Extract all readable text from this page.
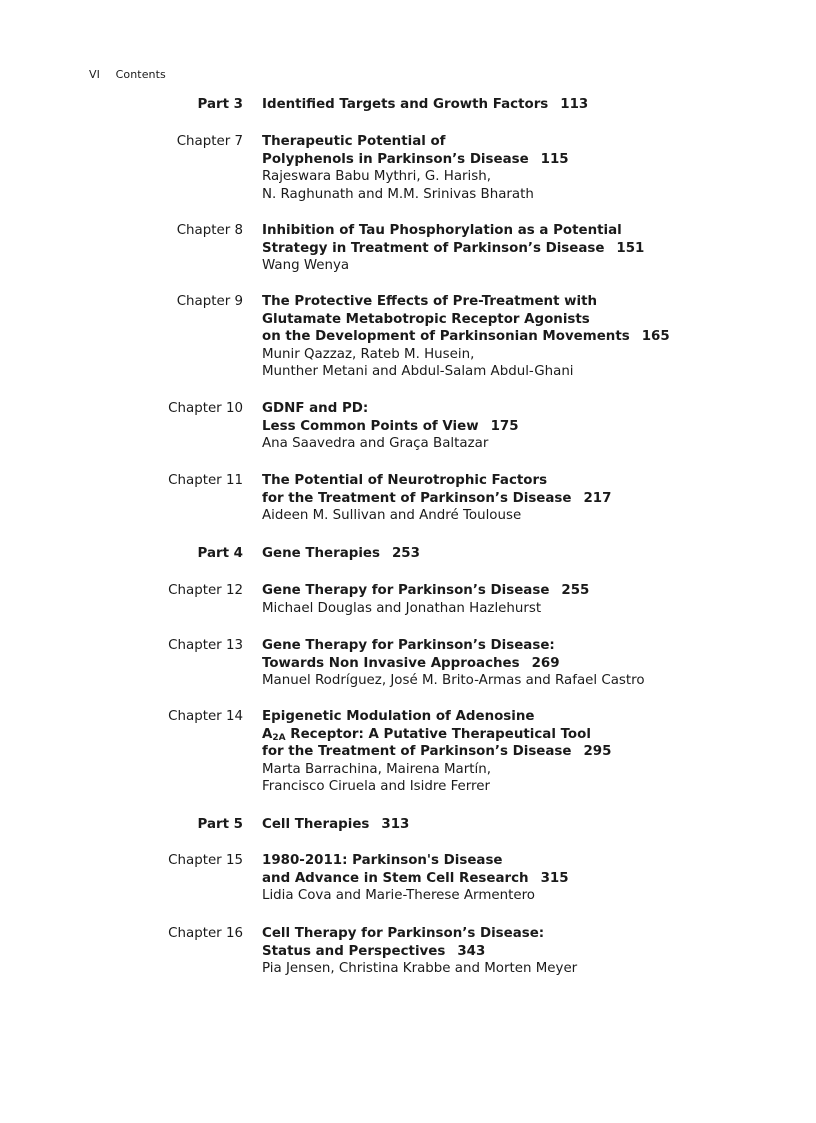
VI Contents
Part 3 Identified Targets and Growth Factors 113
Chapter 7 Therapeutic Potential of
Polyphenols in Parkinson’s Disease 115
Rajeswara Babu Mythri, G. Harish,
N. Raghunath and M.M. Srinivas Bharath
Chapter 8 Inhibition of Tau Phosphorylation as a Potential
Strategy in Treatment of Parkinson’s Disease 151
Wang Wenya
Chapter 9 The Protective Effects of Pre-Treatment with
Glutamate Metabotropic Receptor Agonists
on the Development of Parkinsonian Movements 165
Munir Qazzaz, Rateb M. Husein,
Munther Metani and Abdul-Salam Abdul-Ghani
Chapter 10 GDNF and PD:
Less Common Points of View 175
Ana Saavedra and Graça Baltazar
Chapter 11 The Potential of Neurotrophic Factors
for the Treatment of Parkinson’s Disease 217
Aideen M. Sullivan and André Toulouse
Part 4 Gene Therapies 253
Chapter 12 Gene Therapy for Parkinson’s Disease 255
Michael Douglas and Jonathan Hazlehurst
Chapter 13 Gene Therapy for Parkinson’s Disease:
Towards Non Invasive Approaches 269
Manuel Rodríguez, José M. Brito-Armas and Rafael Castro
Chapter 14 Epigenetic Modulation of Adenosine
$A_{2A}$ Receptor: A Putative Therapeutical Tool
for the Treatment of Parkinson’s Disease 295
Marta Barrachina, Mairena Martín,
Francisco Ciruela and Isidre Ferrer
Part 5 Cell Therapies 313
Chapter 15 1980-2011: Parkinson's Disease
and Advance in Stem Cell Research 315
Lidia Cova and Marie-Therese Armentero
Chapter 16 Cell Therapy for Parkinson’s Disease:
Status and Perspectives 343
Pia Jensen, Christina Krabbe and Morten Meyer
